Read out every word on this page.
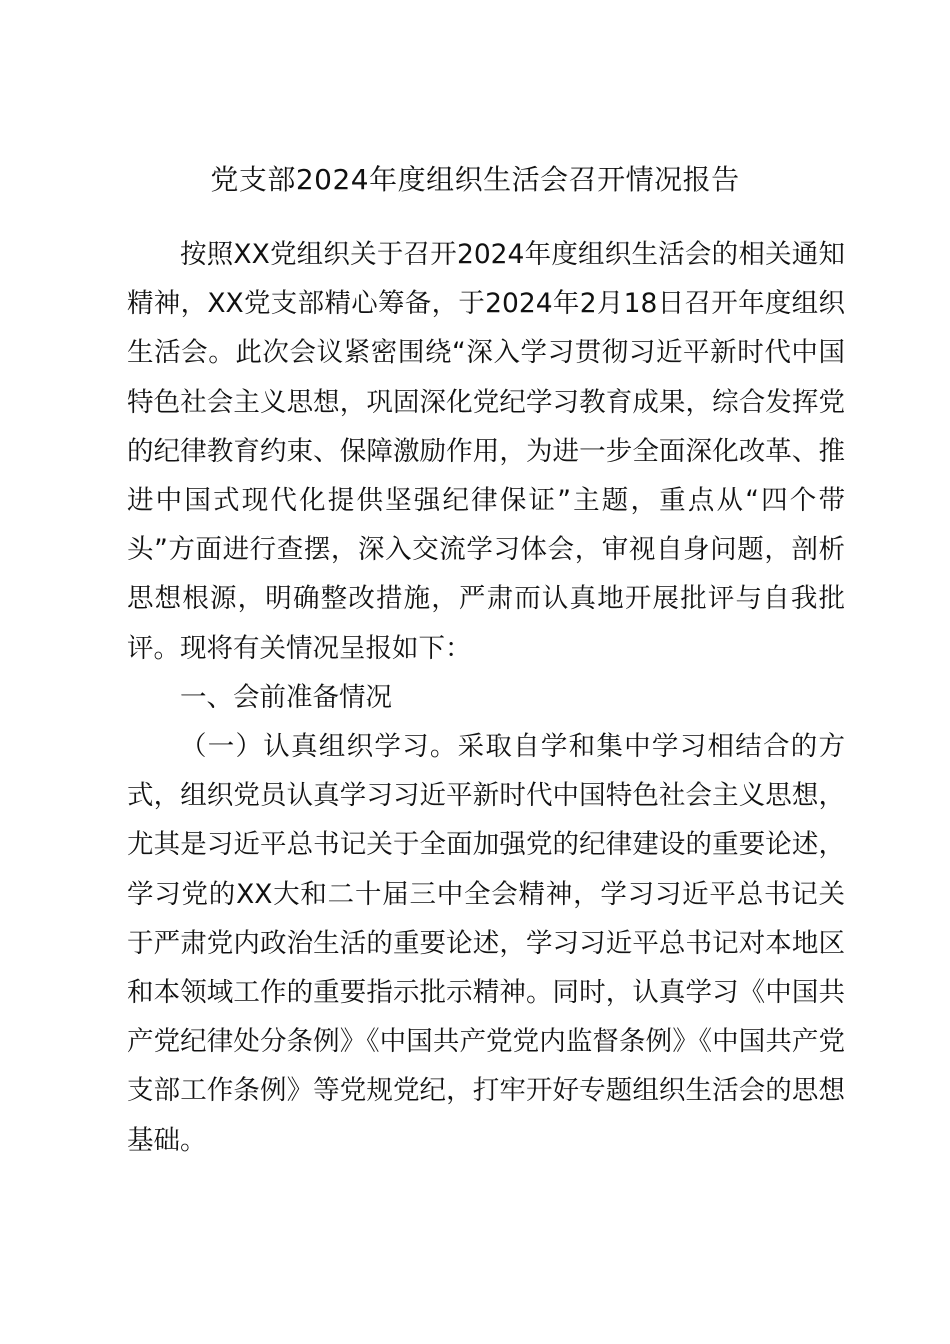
党支部2024年度组织生活会召开情况报告

按照XX党组织关于召开2024年度组织生活会的相关通知精神，XX党支部精心筹备，于2024年2月18日召开年度组织生活会。此次会议紧密围绕“深入学习贯彻习近平新时代中国特色社会主义思想，巩固深化党纪学习教育成果，综合发挥党的纪律教育约束、保障激励作用，为进一步全面深化改革、推进中国式现代化提供坚强纪律保证”主题，重点从“四个带头”方面进行查摆，深入交流学习体会，审视自身问题，剖析思想根源，明确整改措施，严肃而认真地开展批评与自我批评。现将有关情况呈报如下：

一、会前准备情况

（一）认真组织学习。采取自学和集中学习相结合的方式，组织党员认真学习习近平新时代中国特色社会主义思想，尤其是习近平总书记关于全面加强党的纪律建设的重要论述，学习党的XX大和二十届三中全会精神，学习习近平总书记关于严肃党内政治生活的重要论述，学习习近平总书记对本地区和本领域工作的重要指示批示精神。同时，认真学习《中国共产党纪律处分条例》《中国共产党党内监督条例》《中国共产党支部工作条例》等党规党纪，打牢开好专题组织生活会的思想基础。
